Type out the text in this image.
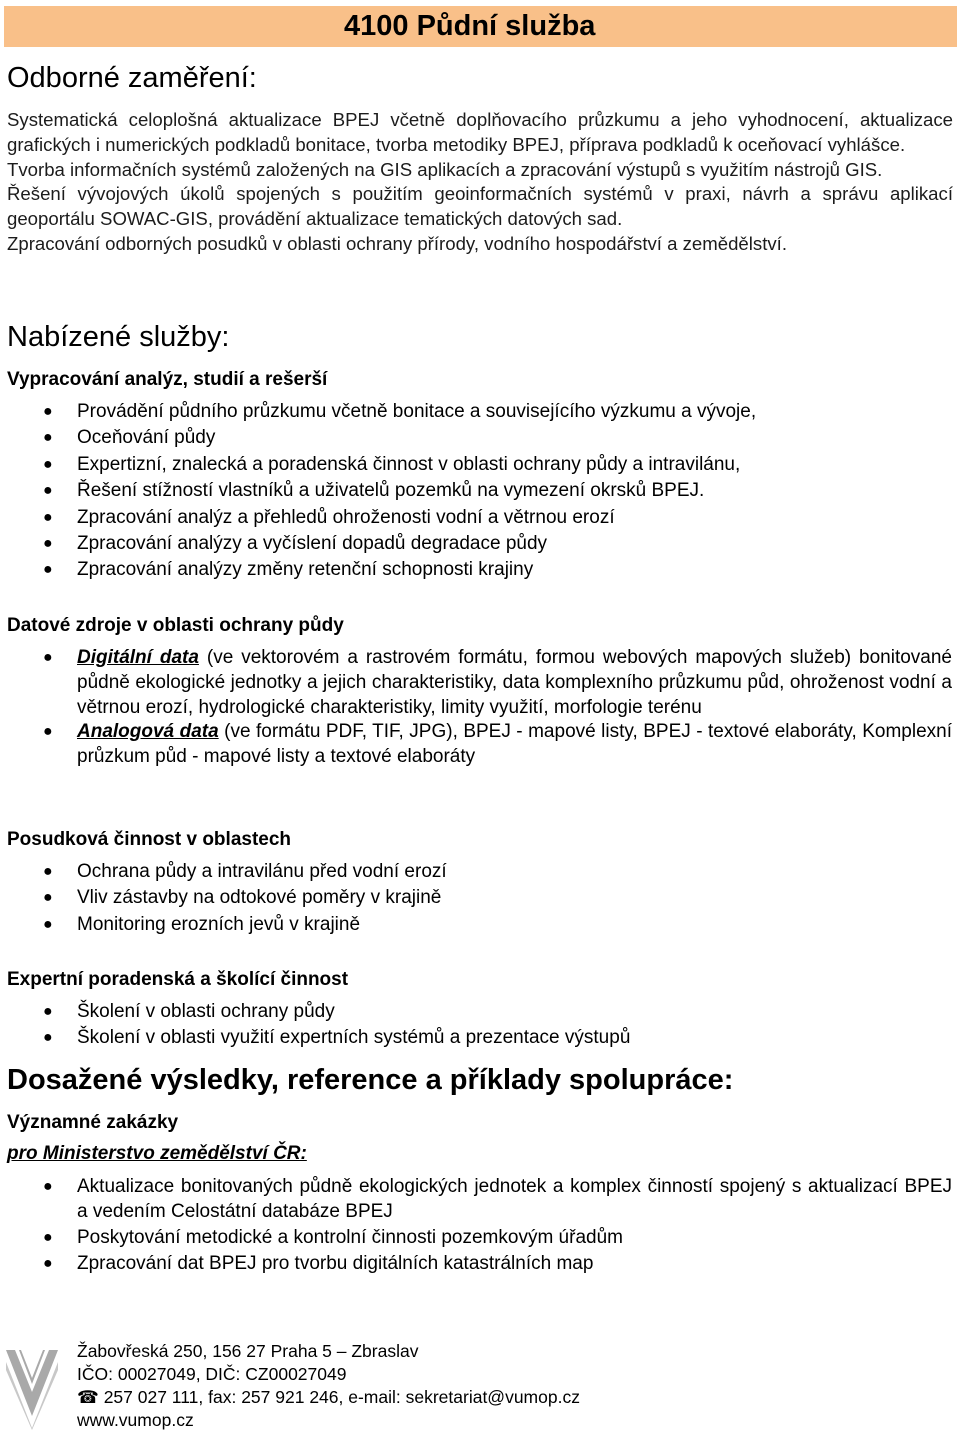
4100 Půdní služba
Odborné zaměření:

Systematická celoplošná aktualizace BPEJ včetně doplňovacího průzkumu a jeho vyhodnocení, aktualizace grafických i numerických podkladů bonitace, tvorba metodiky BPEJ, příprava podkladů k oceňovací vyhlášce.

Tvorba informačních systémů založených na GIS aplikacích a zpracování výstupů s využitím nástrojů GIS.

Řešení vývojových úkolů spojených s použitím geoinformačních systémů v praxi, návrh a správu aplikací geoportálu SOWAC-GIS, provádění aktualizace tematických datových sad.

Zpracování odborných posudků v oblasti ochrany přírody, vodního hospodářství a zemědělství.

Nabízené služby:
Vypracování analýz, studií a rešerší
● Provádění půdního průzkumu včetně bonitace a souvisejícího výzkumu a vývoje,
● Oceňování půdy
● Expertizní, znalecká a poradenská činnost v oblasti ochrany půdy a intravilánu,
● Řešení stížností vlastníků a uživatelů pozemků na vymezení okrsků BPEJ.
● Zpracování analýz a přehledů ohroženosti vodní a větrnou erozí
● Zpracování analýzy a vyčíslení dopadů degradace půdy
● Zpracování analýzy změny retenční schopnosti krajiny
Datové zdroje v oblasti ochrany půdy
● Digitální data (ve vektorovém a rastrovém formátu, formou webových mapových služeb) bonitované půdně ekologické jednotky a jejich charakteristiky, data komplexního průzkumu půd, ohroženost vodní a větrnou erozí, hydrologické charakteristiky, limity využití, morfologie terénu
● Analogová data (ve formátu PDF, TIF, JPG), BPEJ - mapové listy, BPEJ - textové elaboráty, Komplexní průzkum půd - mapové listy a textové elaboráty
Posudková činnost v oblastech
● Ochrana půdy a intravilánu před vodní erozí
● Vliv zástavby na odtokové poměry v krajině
● Monitoring erozních jevů v krajině
Expertní poradenská a školící činnost
● Školení v oblasti ochrany půdy
● Školení v oblasti využití expertních systémů a prezentace výstupů
Dosažené výsledky, reference a příklady spolupráce:
Významné zakázky
pro Ministerstvo zemědělství ČR:
● Aktualizace bonitovaných půdně ekologických jednotek a komplex činností spojený s aktualizací BPEJ a vedením Celostátní databáze BPEJ
● Poskytování metodické a kontrolní činnosti pozemkovým úřadům
● Zpracování dat BPEJ pro tvorbu digitálních katastrálních map
Žabovřeská 250, 156 27 Praha 5 – Zbraslav
IČO: 00027049, DIČ: CZ00027049
☎ 257 027 111, fax: 257 921 246, e-mail: sekretariat@vumop.cz
www.vumop.cz
